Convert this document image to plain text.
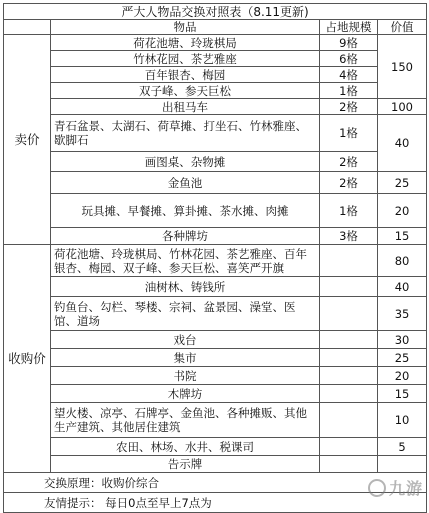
严大人物品交换对照表（8.11更新)			
	物品	占地规模	价值
卖价	荷花池塘、玲珑棋局	9格	150
	竹林花园、茶艺雅座	6格	
	百年银杏、梅园	4格	
	双子峰、参天巨松	1格	
	出租马车	2格	100
	青石盆景、太湖石、荷草摊、打坐石、竹林雅座、歇脚石	1格	40
	画图桌、杂物摊	2格	
	金鱼池	2格	25
	玩具摊、早餐摊、算卦摊、茶水摊、肉摊	1格	20
	各种牌坊	3格	15
收购价	荷花池塘、玲珑棋局、竹林花园、茶艺雅座、百年银杏、梅园、双子峰、参天巨松、喜笑严开旗		80
	油树林、铸钱所		40
	钓鱼台、勾栏、琴楼、宗祠、盆景园、澡堂、医馆、道场		35
	戏台		30
	集市		25
	书院		20
	木牌坊		15
	望火楼、凉亭、石牌亭、金鱼池、各种摊贩、其他生产建筑、其他居住建筑		10
	农田、林场、水井、税课司		5
	告示牌		
交换原理：收购价综合			
友情提示： 每日0点至早上7点为			
九游
